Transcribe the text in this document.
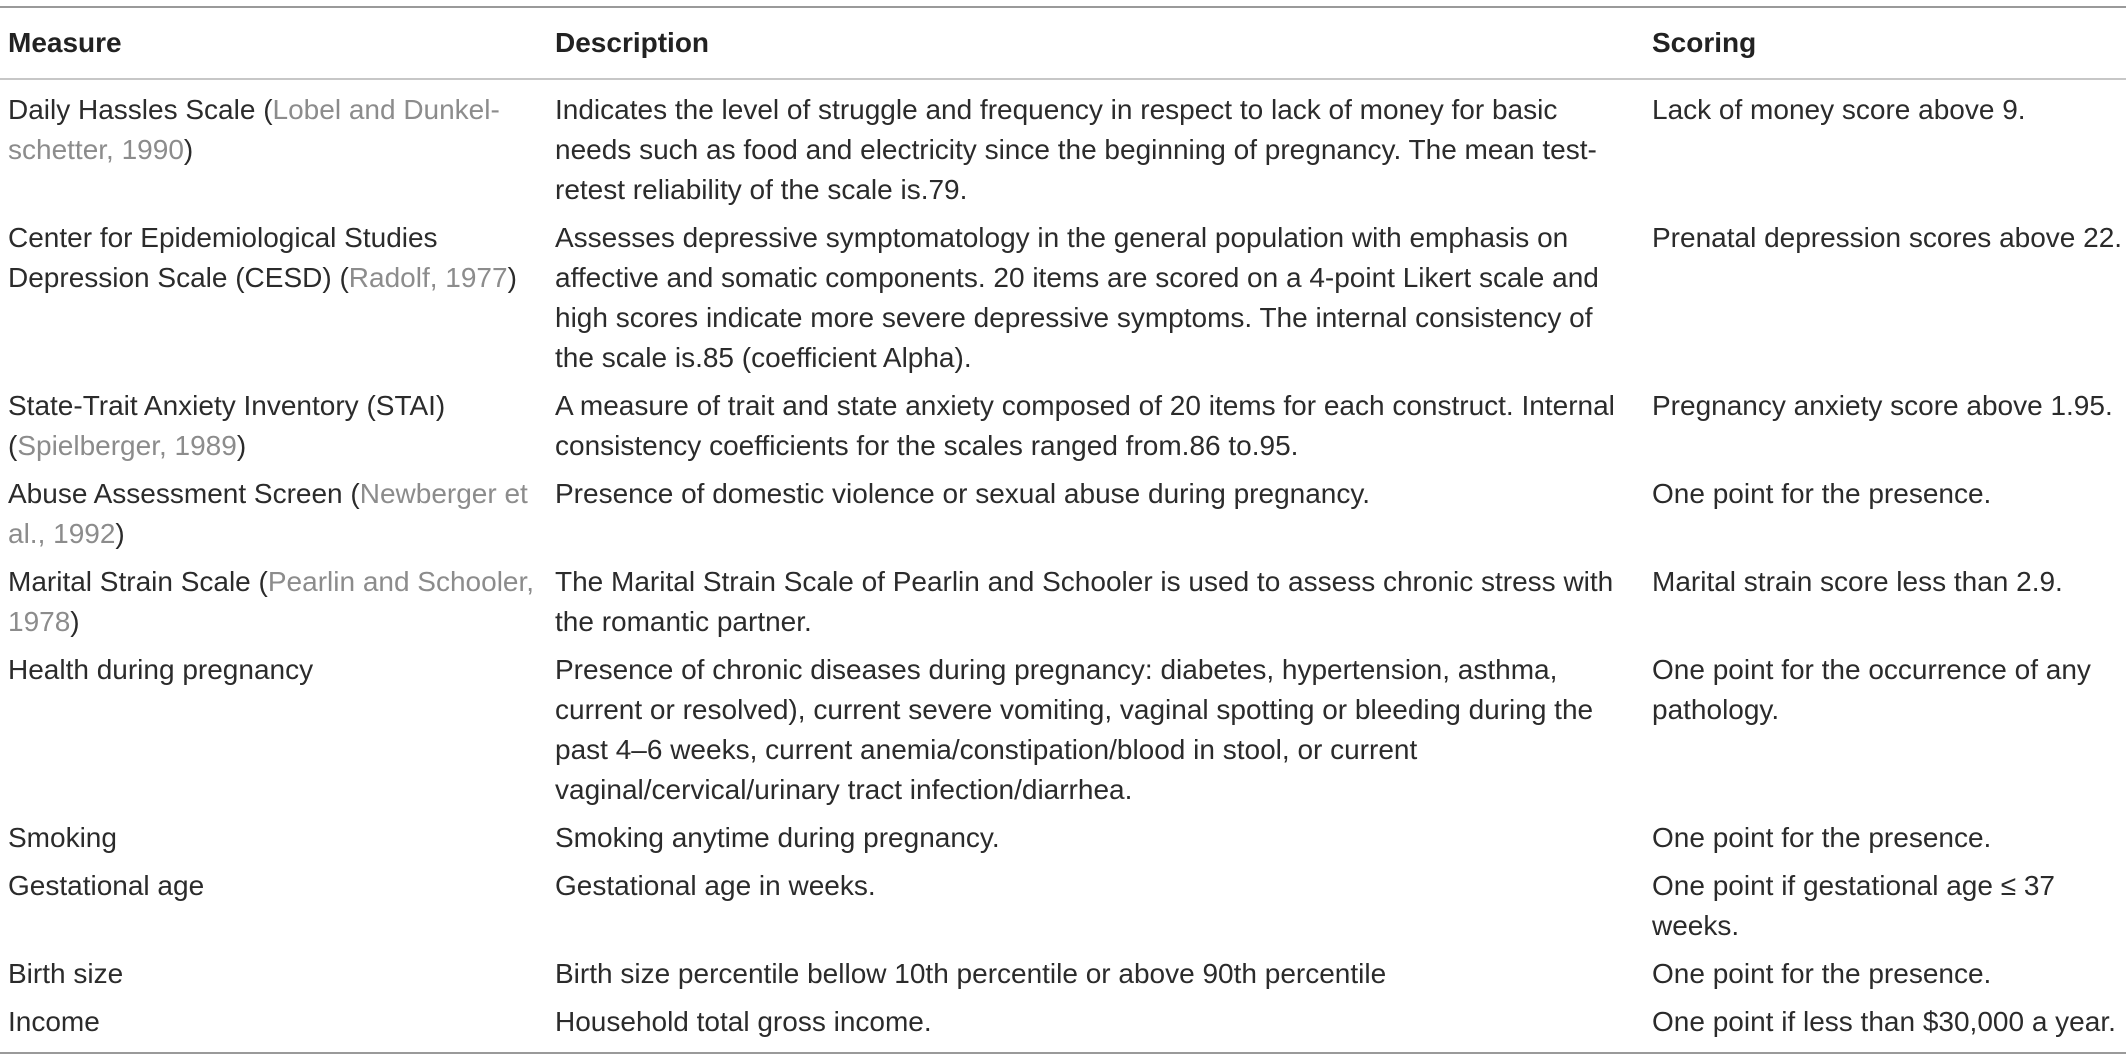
Measure	Description	Scoring
Daily Hassles Scale (Lobel and Dunkel-schetter, 1990)	Indicates the level of struggle and frequency in respect to lack of money for basic needs such as food and electricity since the beginning of pregnancy. The mean test-retest reliability of the scale is.79.	Lack of money score above 9.
Center for Epidemiological Studies Depression Scale (CESD) (Radolf, 1977)	Assesses depressive symptomatology in the general population with emphasis on affective and somatic components. 20 items are scored on a 4-point Likert scale and high scores indicate more severe depressive symptoms. The internal consistency of the scale is.85 (coefficient Alpha).	Prenatal depression scores above 22.
State-Trait Anxiety Inventory (STAI) (Spielberger, 1989)	A measure of trait and state anxiety composed of 20 items for each construct. Internal consistency coefficients for the scales ranged from.86 to.95.	Pregnancy anxiety score above 1.95.
Abuse Assessment Screen (Newberger et al., 1992)	Presence of domestic violence or sexual abuse during pregnancy.	One point for the presence.
Marital Strain Scale (Pearlin and Schooler, 1978)	The Marital Strain Scale of Pearlin and Schooler is used to assess chronic stress with the romantic partner.	Marital strain score less than 2.9.
Health during pregnancy	Presence of chronic diseases during pregnancy: diabetes, hypertension, asthma, current or resolved), current severe vomiting, vaginal spotting or bleeding during the past 4–6 weeks, current anemia/constipation/blood in stool, or current vaginal/cervical/urinary tract infection/diarrhea.	One point for the occurrence of any pathology.
Smoking	Smoking anytime during pregnancy.	One point for the presence.
Gestational age	Gestational age in weeks.	One point if gestational age ≤ 37 weeks.
Birth size	Birth size percentile bellow 10th percentile or above 90th percentile	One point for the presence.
Income	Household total gross income.	One point if less than $30,000 a year.
